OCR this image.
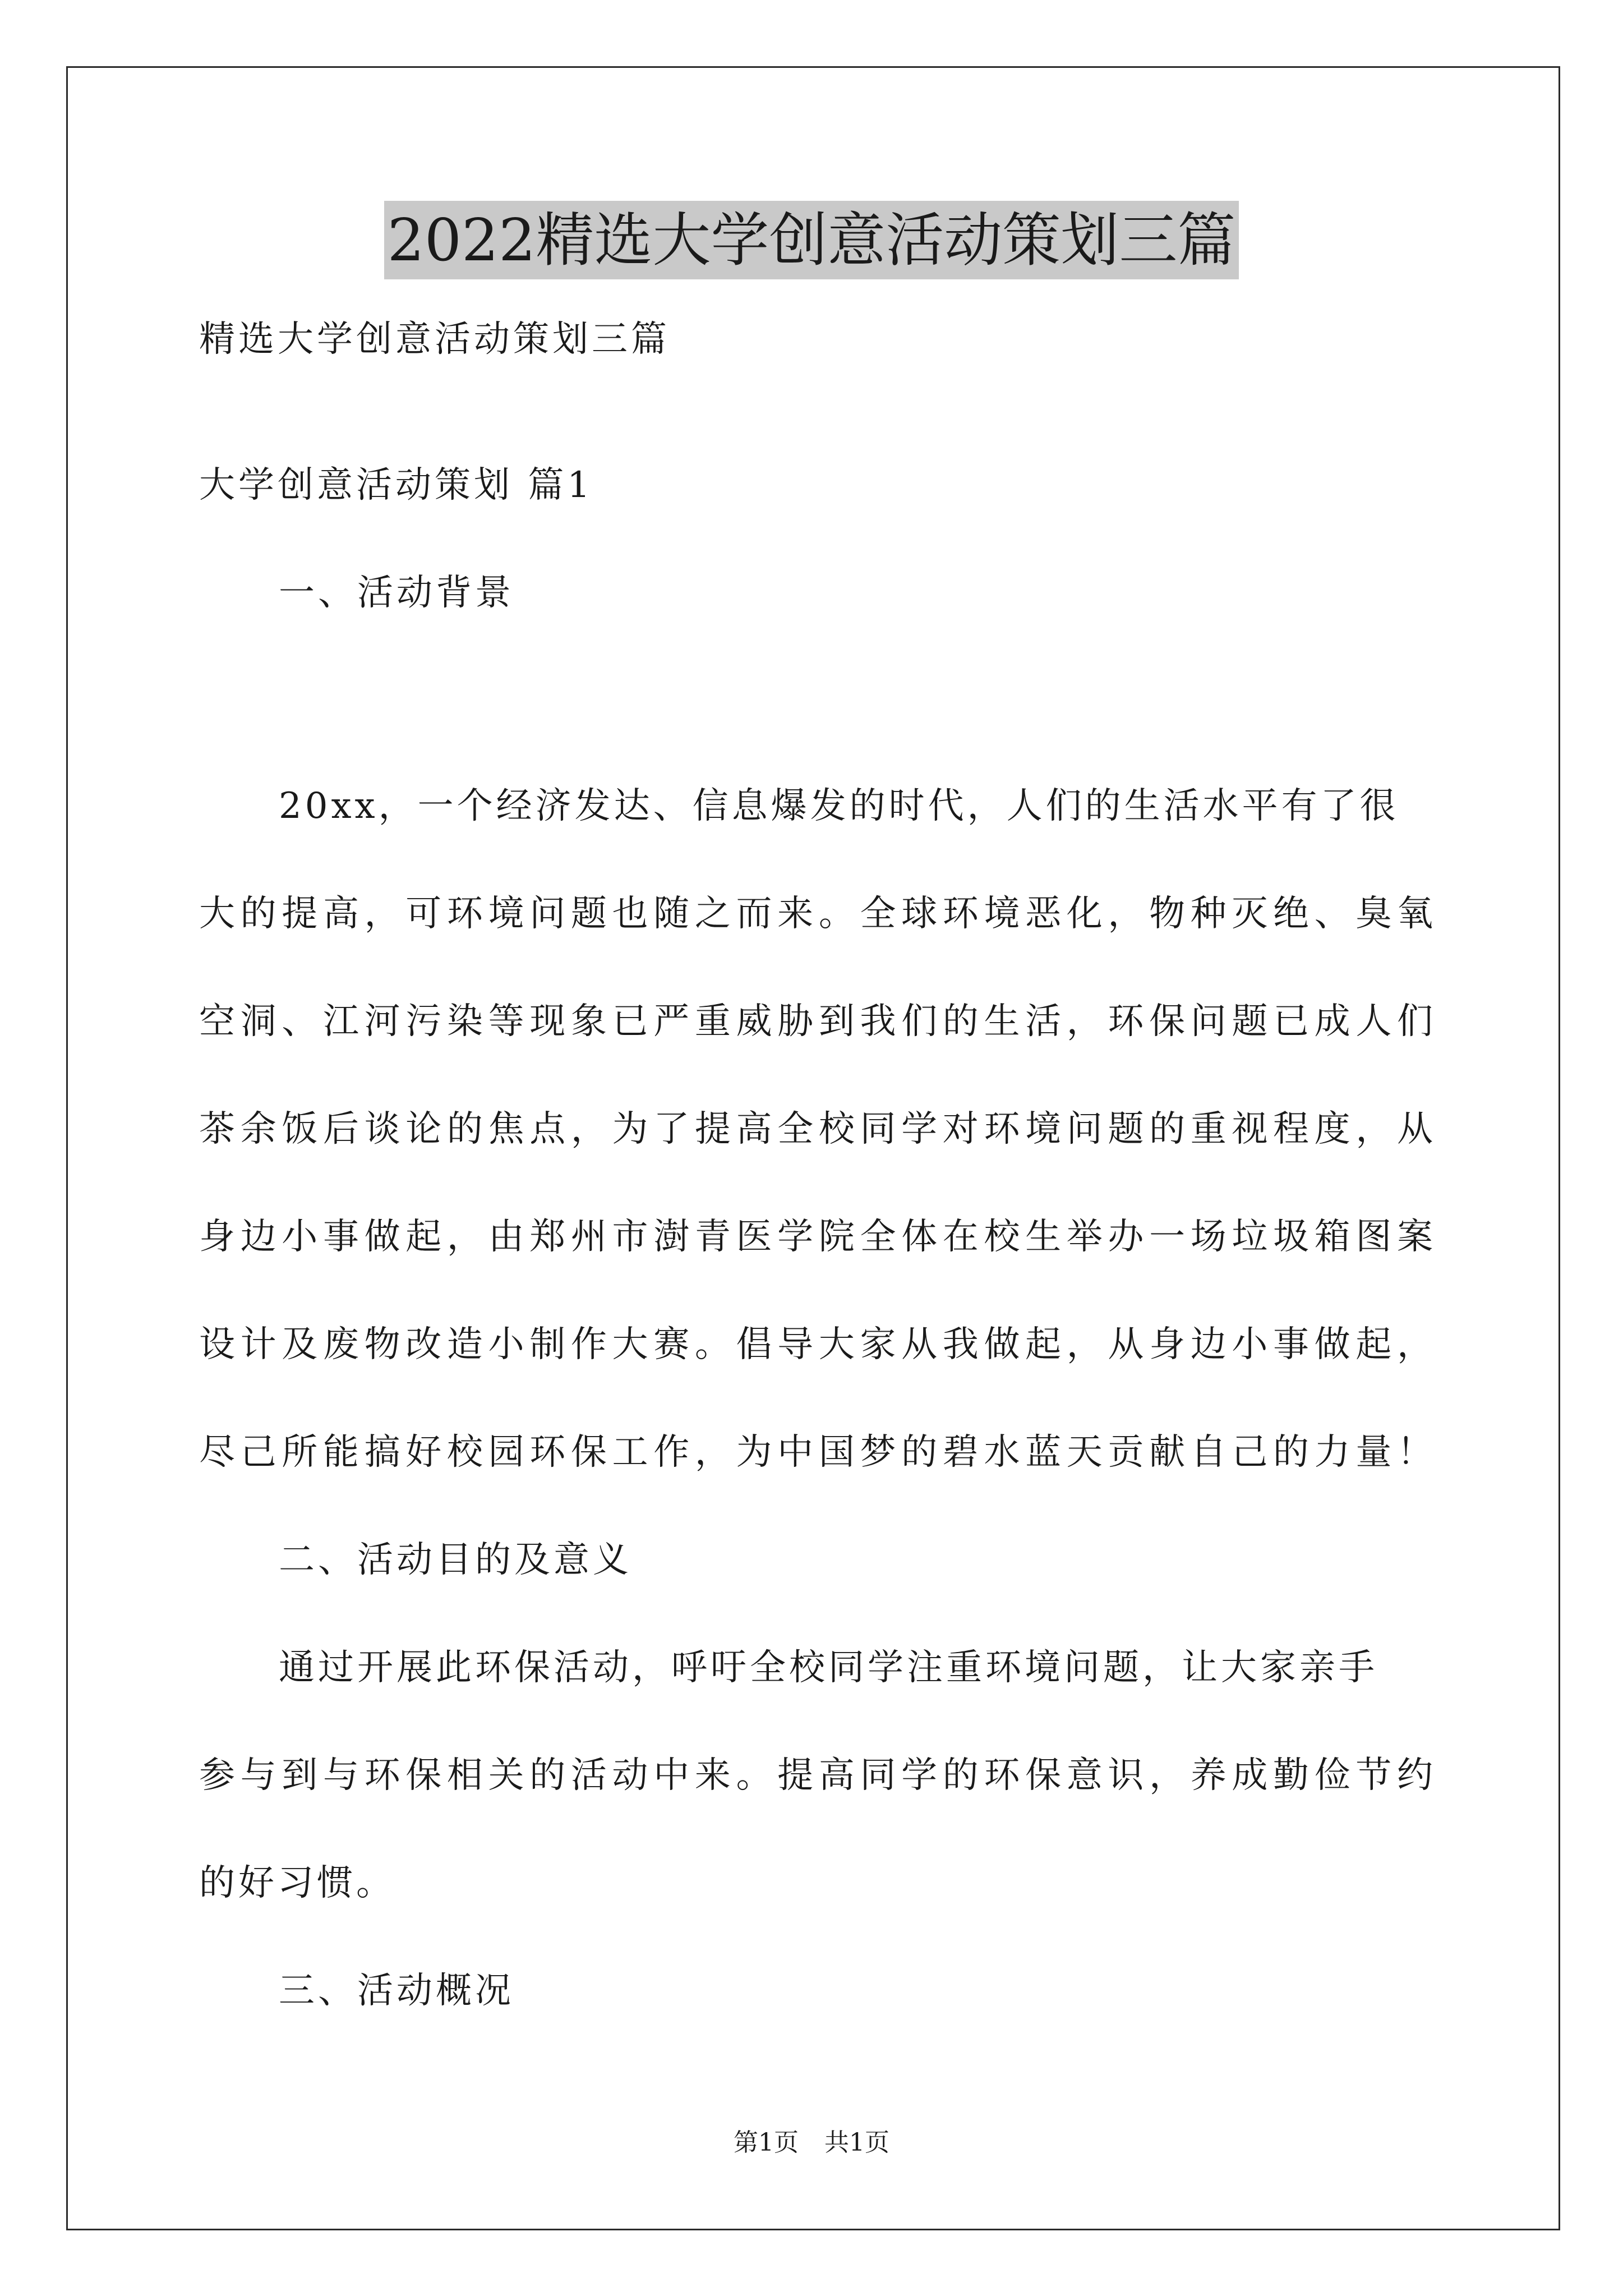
2022精选大学创意活动策划三篇
精选大学创意活动策划三篇
大学创意活动策划 篇1
一、活动背景
20xx，一个经济发达、信息爆发的时代，人们的生活水平有了很
大的提高，可环境问题也随之而来。全球环境恶化，物种灭绝、臭氧
空洞、江河污染等现象已严重威胁到我们的生活，环保问题已成人们
茶余饭后谈论的焦点，为了提高全校同学对环境问题的重视程度，从
身边小事做起，由郑州市澍青医学院全体在校生举办一场垃圾箱图案
设计及废物改造小制作大赛。倡导大家从我做起，从身边小事做起，
尽己所能搞好校园环保工作，为中国梦的碧水蓝天贡献自己的力量！
二、活动目的及意义
通过开展此环保活动，呼吁全校同学注重环境问题，让大家亲手
参与到与环保相关的活动中来。提高同学的环保意识，养成勤俭节约
的好习惯。
三、活动概况
第1页 共1页
